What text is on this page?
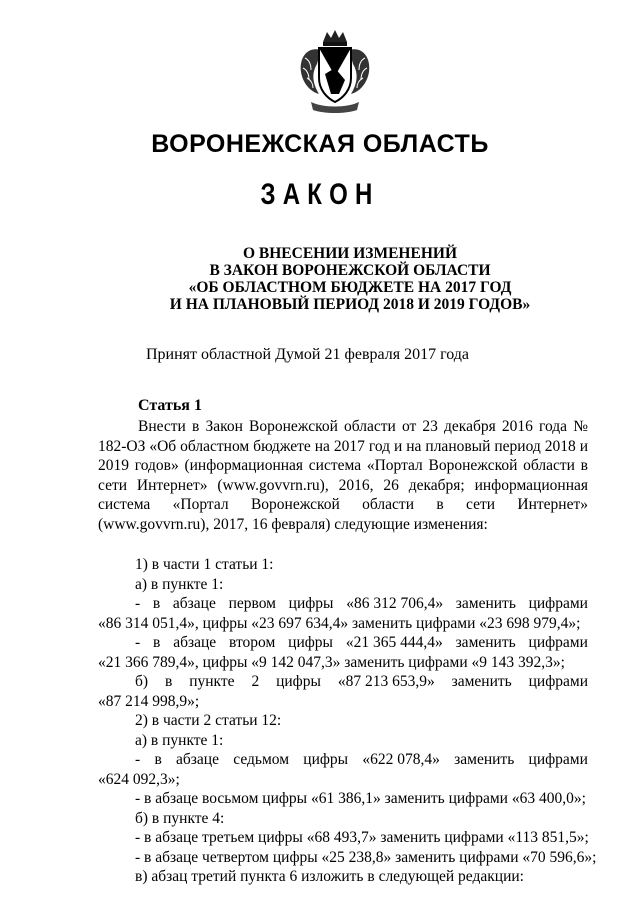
ВОРОНЕЖСКАЯ ОБЛАСТЬ
ЗАКОН
О ВНЕСЕНИИ ИЗМЕНЕНИЙ
В ЗАКОН ВОРОНЕЖСКОЙ ОБЛАСТИ
«ОБ ОБЛАСТНОМ БЮДЖЕТЕ НА 2017 ГОД
И НА ПЛАНОВЫЙ ПЕРИОД 2018 И 2019 ГОДОВ»
Принят областной Думой 21 февраля 2017 года
Статья 1

Внести в Закон Воронежской области от 23 декабря 2016 года № 182-ОЗ «Об областном бюджете на 2017 год и на плановый период 2018 и 2019 годов» (информационная система «Портал Воронежской области в сети Интернет» (www.govvrn.ru), 2016, 26 декабря; информационная система «Портал Воронежской области в сети Интернет» (www.govvrn.ru), 2017, 16 февраля) следующие изменения:

1) в части 1 статьи 1:
а) в пункте 1:
- в абзаце первом цифры «86 312 706,4» заменить цифрами
«86 314 051,4», цифры «23 697 634,4» заменить цифрами «23 698 979,4»;
- в абзаце втором цифры «21 365 444,4» заменить цифрами
«21 366 789,4», цифры «9 142 047,3» заменить цифрами «9 143 392,3»;
б) в пункте 2 цифры «87 213 653,9» заменить цифрами
«87 214 998,9»;
2) в части 2 статьи 12:
а) в пункте 1:
- в абзаце седьмом цифры «622 078,4» заменить цифрами
«624 092,3»;
- в абзаце восьмом цифры «61 386,1» заменить цифрами «63 400,0»;
б) в пункте 4:
- в абзаце третьем цифры «68 493,7» заменить цифрами «113 851,5»;
- в абзаце четвертом цифры «25 238,8» заменить цифрами «70 596,6»;
в) абзац третий пункта 6 изложить в следующей редакции:
